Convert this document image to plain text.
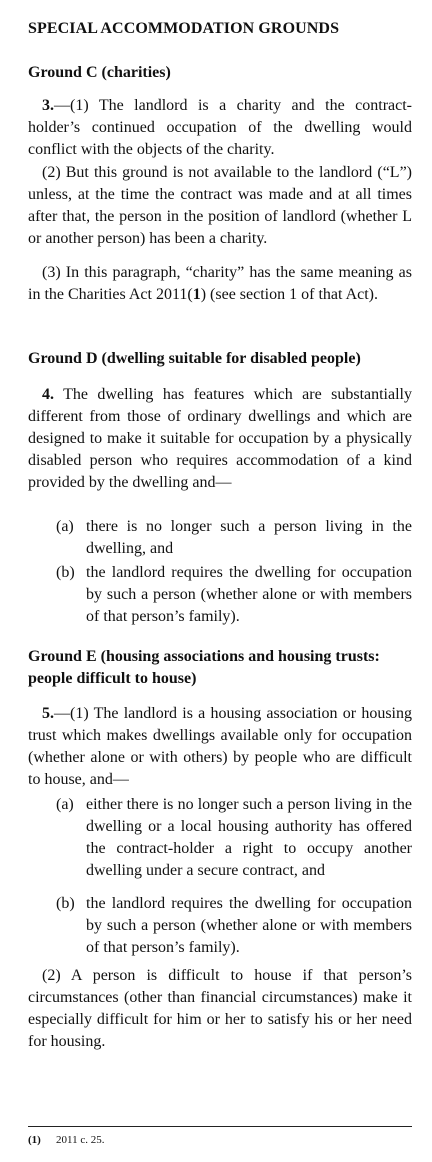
SPECIAL ACCOMMODATION GROUNDS
Ground C (charities)

3.—(1) The landlord is a charity and the contract-holder’s continued occupation of the dwelling would conflict with the objects of the charity.

(2) But this ground is not available to the landlord (“L”) unless, at the time the contract was made and at all times after that, the person in the position of landlord (whether L or another person) has been a charity.

(3) In this paragraph, “charity” has the same meaning as in the Charities Act 2011(1) (see section 1 of that Act).

Ground D (dwelling suitable for disabled people)

4. The dwelling has features which are substantially different from those of ordinary dwellings and which are designed to make it suitable for occupation by a physically disabled person who requires accommodation of a kind provided by the dwelling and—

(a) there is no longer such a person living in the dwelling, and

(b) the landlord requires the dwelling for occupation by such a person (whether alone or with members of that person’s family).

Ground E (housing associations and housing trusts: people difficult to house)

5.—(1) The landlord is a housing association or housing trust which makes dwellings available only for occupation (whether alone or with others) by people who are difficult to house, and—

(a) either there is no longer such a person living in the dwelling or a local housing authority has offered the contract-holder a right to occupy another dwelling under a secure contract, and

(b) the landlord requires the dwelling for occupation by such a person (whether alone or with members of that person’s family).

(2) A person is difficult to house if that person’s circumstances (other than financial circumstances) make it especially difficult for him or her to satisfy his or her need for housing.

(1) 2011 c. 25.
